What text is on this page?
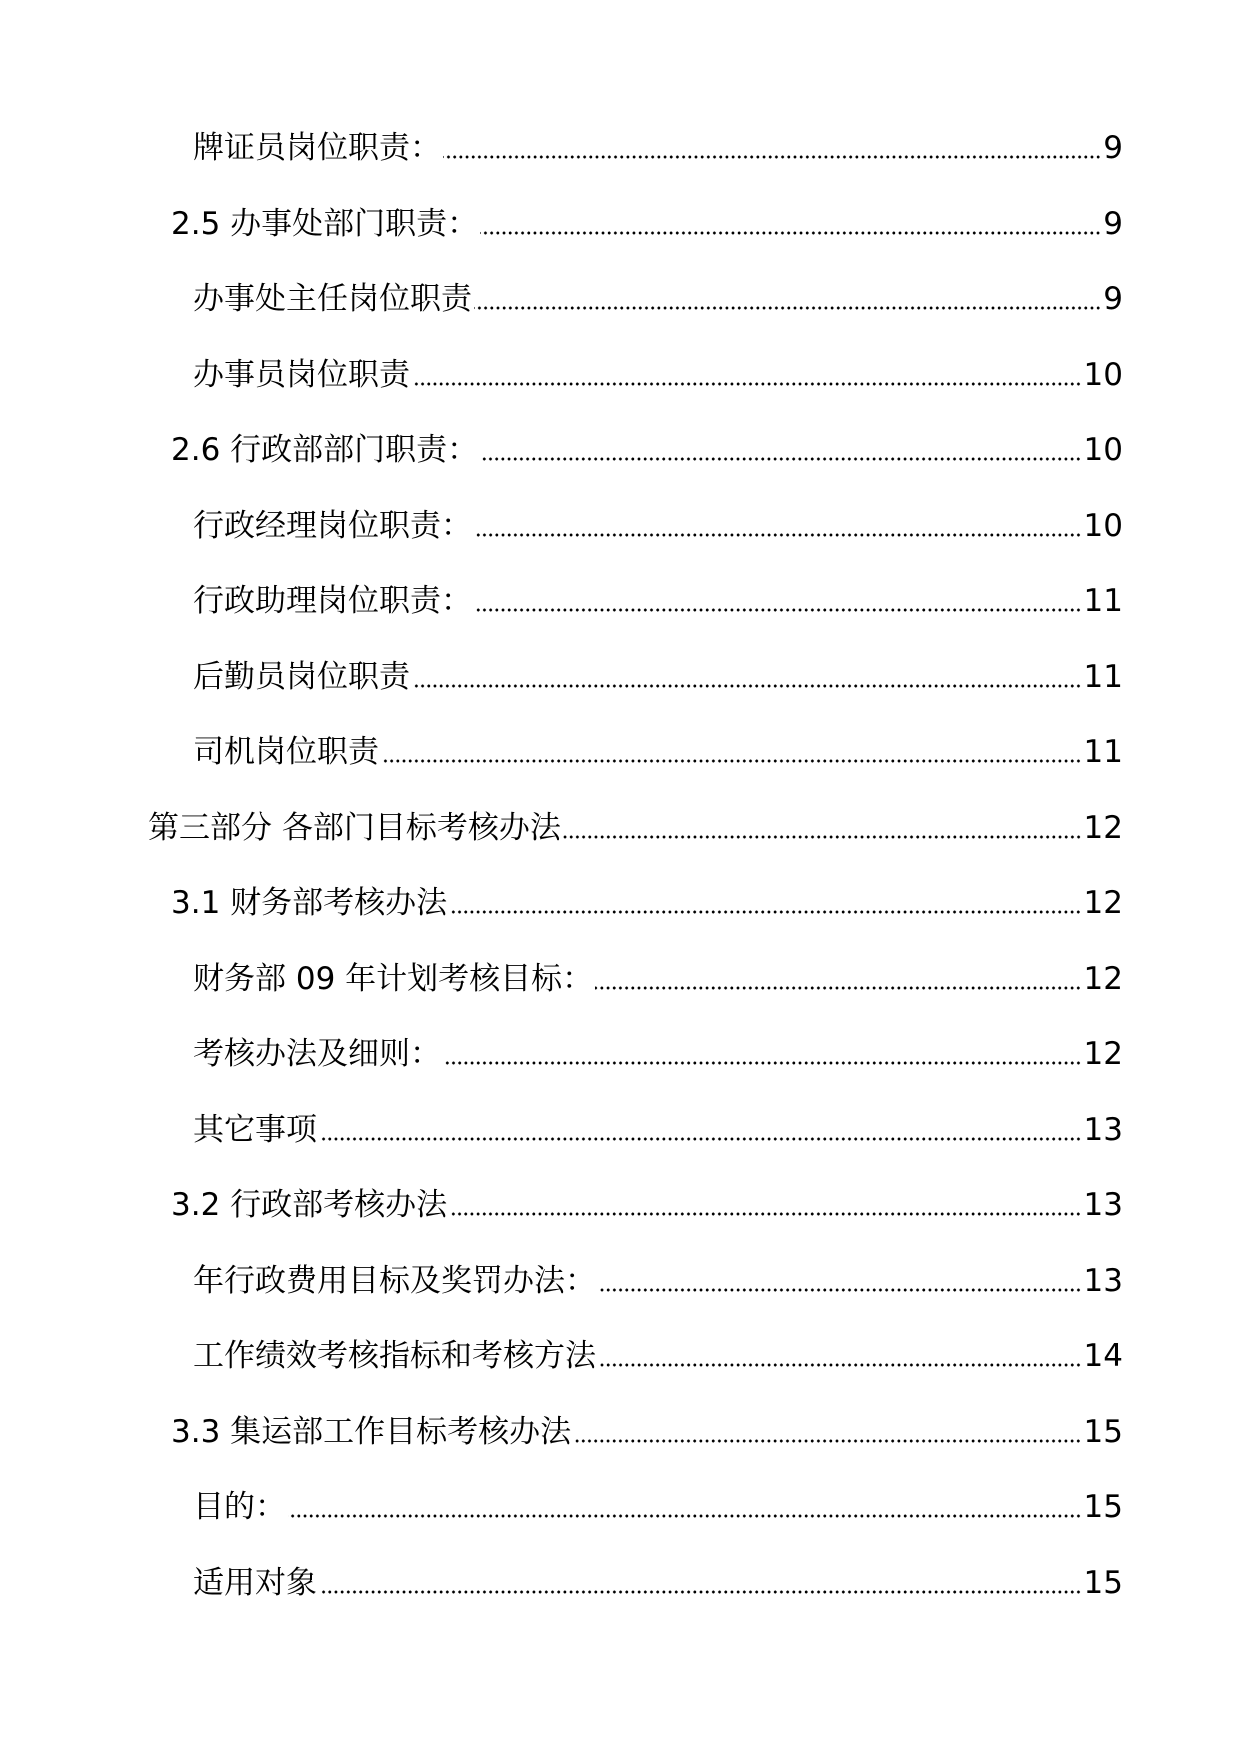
牌证员岗位职责：	9
2.5 办事处部门职责：	9
办事处主任岗位职责	9
办事员岗位职责	10
2.6 行政部部门职责：	10
行政经理岗位职责：	10
行政助理岗位职责：	11
后勤员岗位职责	11
司机岗位职责	11
第三部分 各部门目标考核办法	12
3.1 财务部考核办法	12
财务部 09 年计划考核目标：	12
考核办法及细则：	12
其它事项	13
3.2 行政部考核办法	13
年行政费用目标及奖罚办法：	13
工作绩效考核指标和考核方法	14
3.3 集运部工作目标考核办法	15
目的：	15
适用对象	15
